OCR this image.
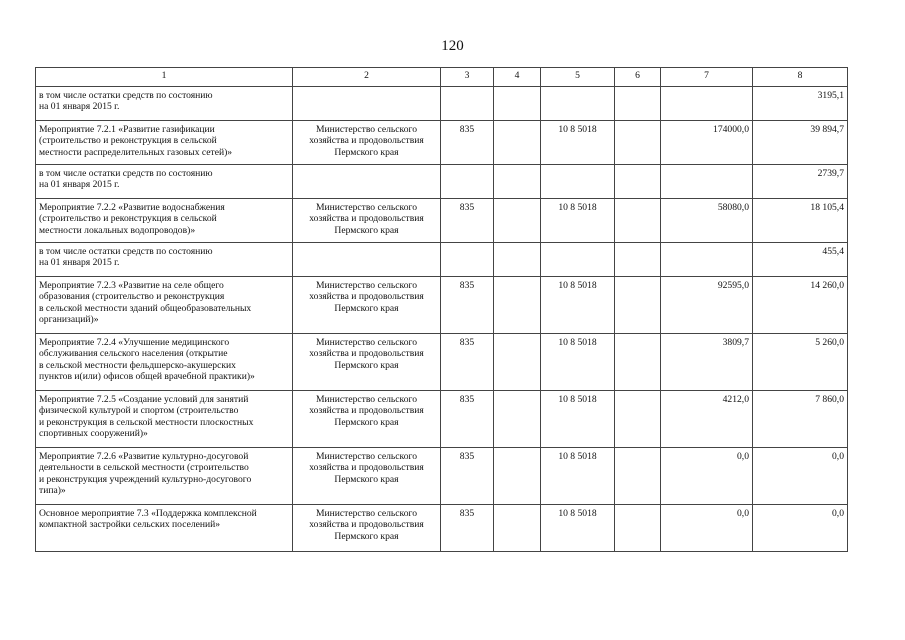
120
1	2	3	4	5	6	7	8

в том числе остатки средств по состоянию
на 01 января 2015 г.							3195,1

Мероприятие 7.2.1 «Развитие газификации
(строительство и реконструкция в сельской
местности распределительных газовых сетей)»	Министерство сельского
хозяйства и продовольствия
Пермского края	835		10 8 5018		174000,0	39 894,7

в том числе остатки средств по состоянию
на 01 января 2015 г.							2739,7

Мероприятие 7.2.2 «Развитие водоснабжения
(строительство и реконструкция в сельской
местности локальных водопроводов)»	Министерство сельского
хозяйства и продовольствия
Пермского края	835		10 8 5018		58080,0	18 105,4

в том числе остатки средств по состоянию
на 01 января 2015 г.							455,4

Мероприятие 7.2.3 «Развитие на селе общего
образования (строительство и реконструкция
в сельской местности зданий общеобразовательных
организаций)»	Министерство сельского
хозяйства и продовольствия
Пермского края	835		10 8 5018		92595,0	14 260,0

Мероприятие 7.2.4 «Улучшение медицинского
обслуживания сельского населения (открытие
в сельской местности фельдшерско-акушерских
пунктов и(или) офисов общей врачебной практики)»	Министерство сельского
хозяйства и продовольствия
Пермского края	835		10 8 5018		3809,7	5 260,0

Мероприятие 7.2.5 «Создание условий для занятий
физической культурой и спортом (строительство
и реконструкция в сельской местности плоскостных
спортивных сооружений)»	Министерство сельского
хозяйства и продовольствия
Пермского края	835		10 8 5018		4212,0	7 860,0

Мероприятие 7.2.6 «Развитие культурно-досуговой
деятельности в сельской местности (строительство
и реконструкция учреждений культурно-досугового
типа)»	Министерство сельского
хозяйства и продовольствия
Пермского края	835		10 8 5018		0,0	0,0

Основное мероприятие 7.3 «Поддержка комплексной
компактной застройки сельских поселений»	Министерство сельского
хозяйства и продовольствия
Пермского края	835		10 8 5018		0,0	0,0
